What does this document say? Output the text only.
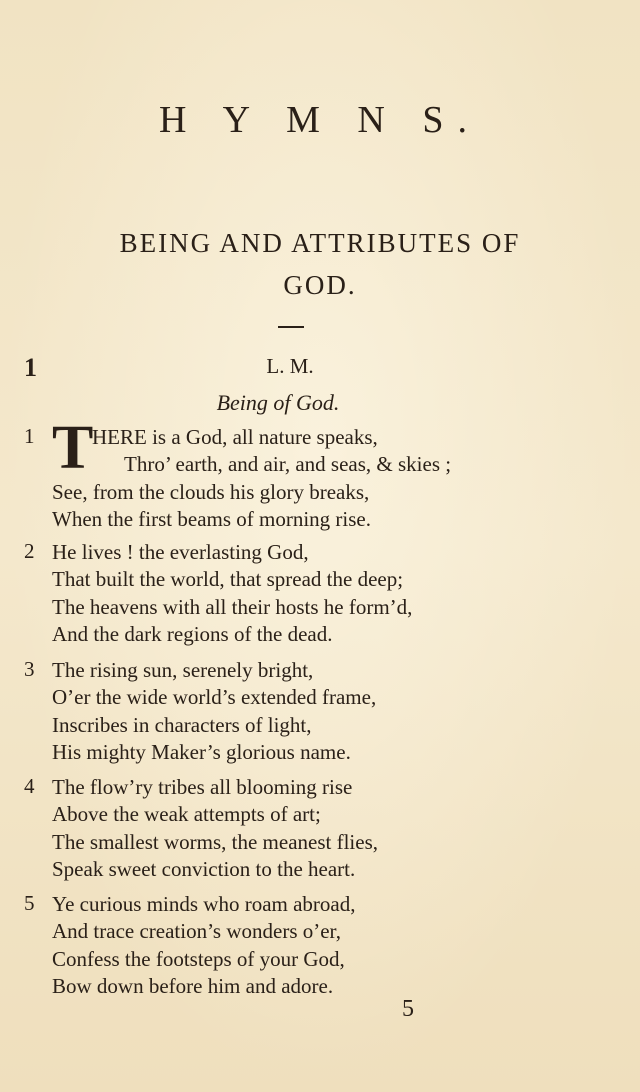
H Y M N S.
BEING AND ATTRIBUTES OF
GOD.
1	L. M.
Being of God.
1 T
HERE is a God, all nature speaks,
Thro’ earth, and air, and seas, & skies ;
See, from the clouds his glory breaks,
When the first beams of morning rise.
2 He lives ! the everlasting God,
That built the world, that spread the deep;
The heavens with all their hosts he form’d,
And the dark regions of the dead.
3 The rising sun, serenely bright,
O’er the wide world’s extended frame,
Inscribes in characters of light,
His mighty Maker’s glorious name.
4 The flow’ry tribes all blooming rise
Above the weak attempts of art;
The smallest worms, the meanest flies,
Speak sweet conviction to the heart.
5 Ye curious minds who roam abroad,
And trace creation’s wonders o’er,
Confess the footsteps of your God,
Bow down before him and adore.
5
